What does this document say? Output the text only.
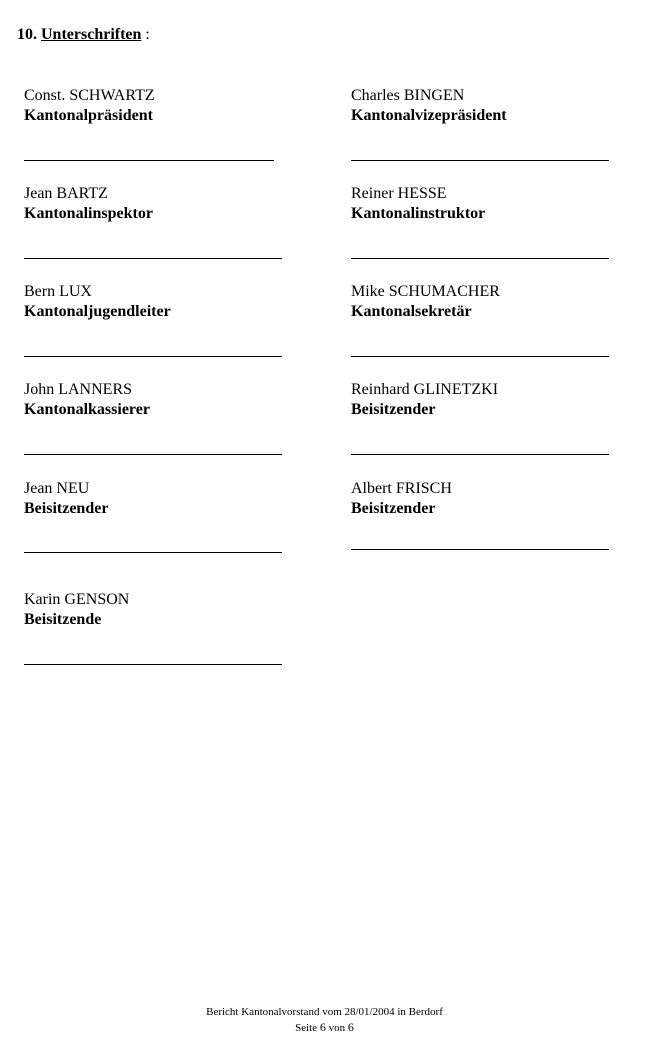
10. Unterschriften :
Const. SCHWARTZ
Kantonalpräsident
Charles BINGEN
Kantonalvizepräsident
Jean BARTZ
Kantonalinspektor
Reiner HESSE
Kantonalinstruktor
Bern LUX
Kantonaljugendleiter
Mike SCHUMACHER
Kantonalsekretär
John LANNERS
Kantonalkassierer
Reinhard GLINETZKI
Beisitzender
Jean NEU
Beisitzender
Albert FRISCH
Beisitzender
Karin GENSON
Beisitzende
Bericht Kantonalvorstand vom 28/01/2004 in Berdorf
Seite 6 von 6
